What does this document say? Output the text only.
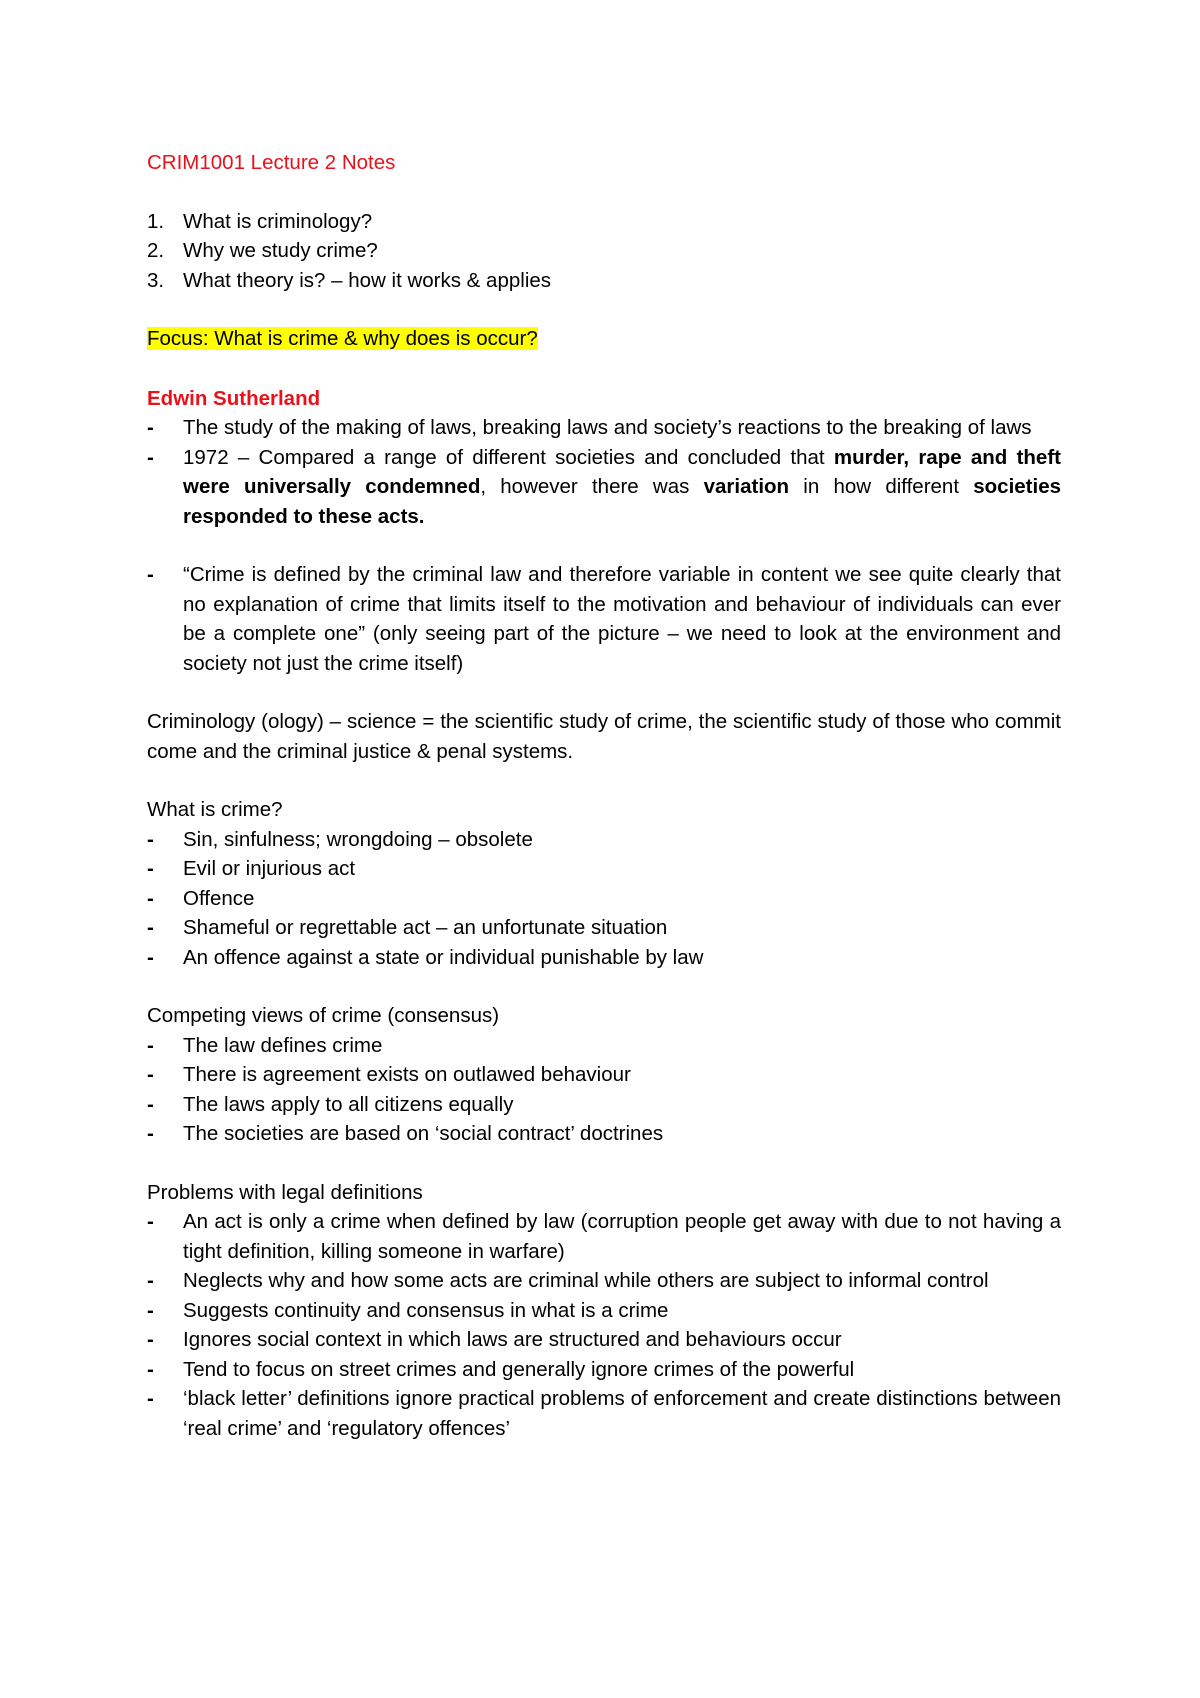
CRIM1001 Lecture 2 Notes

1. What is criminology?
2. Why we study crime?
3. What theory is? – how it works & applies

Focus: What is crime & why does is occur?

Edwin Sutherland

-	The study of the making of laws, breaking laws and society’s reactions to the breaking of laws
-	1972 – Compared a range of different societies and concluded that murder, rape and theft were universally condemned, however there was variation in how different societies responded to these acts.
-	“Crime is defined by the criminal law and therefore variable in content we see quite clearly that no explanation of crime that limits itself to the motivation and behaviour of individuals can ever be a complete one” (only seeing part of the picture – we need to look at the environment and society not just the crime itself)

Criminology (ology) – science = the scientific study of crime, the scientific study of those who commit come and the criminal justice & penal systems.

What is crime?

-	Sin, sinfulness; wrongdoing – obsolete
-	Evil or injurious act
-	Offence
-	Shameful or regrettable act – an unfortunate situation
-	An offence against a state or individual punishable by law

Competing views of crime (consensus)

-	The law defines crime
-	There is agreement exists on outlawed behaviour
-	The laws apply to all citizens equally
-	The societies are based on ‘social contract’ doctrines

Problems with legal definitions

-	An act is only a crime when defined by law (corruption people get away with due to not having a tight definition, killing someone in warfare)
-	Neglects why and how some acts are criminal while others are subject to informal control
-	Suggests continuity and consensus in what is a crime
-	Ignores social context in which laws are structured and behaviours occur
-	Tend to focus on street crimes and generally ignore crimes of the powerful
-	‘black letter’ definitions ignore practical problems of enforcement and create distinctions between ‘real crime’ and ‘regulatory offences’
